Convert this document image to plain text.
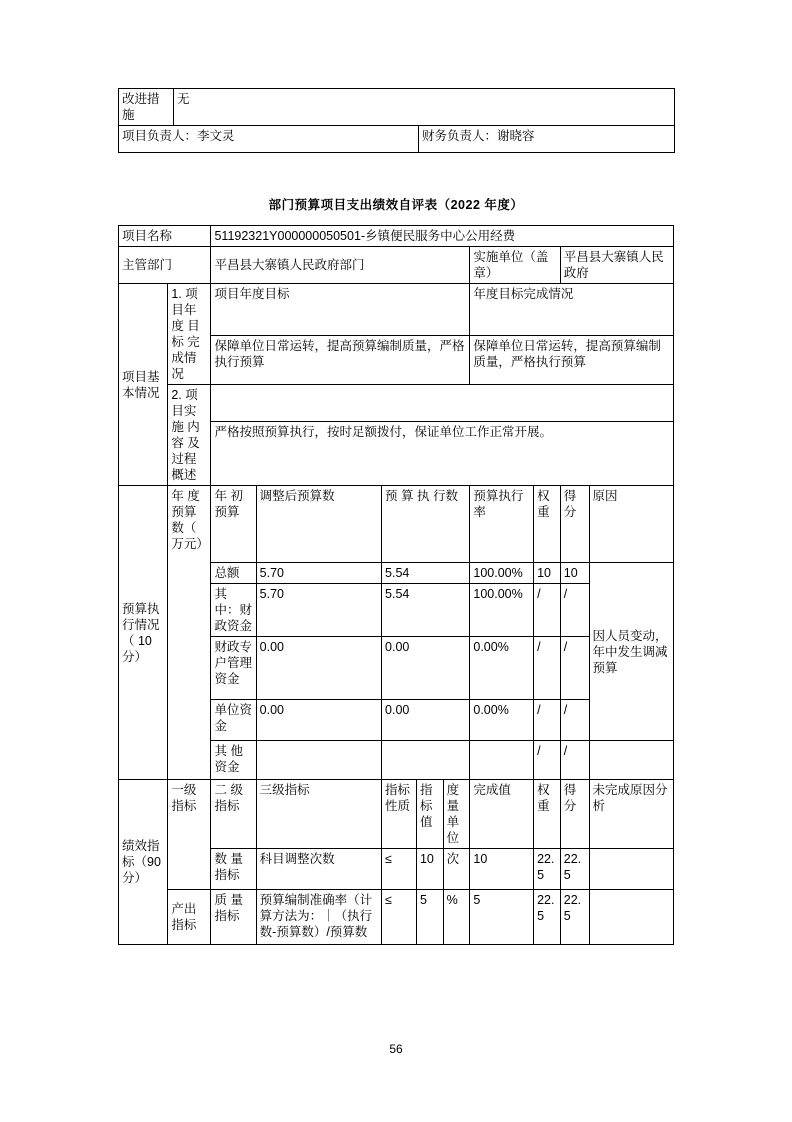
改进措施	无	
项目负责人：李文灵		财务负责人：谢晓容
部门预算项目支出绩效自评表（2022 年度）										
项目名称		51192321Y000000050501-乡镇便民服务中心公用经费								
主管部门		平昌县大寨镇人民政府部门					实施单位（盖章）		平昌县大寨镇人民政府	
项目基本情况	1. 项 目年 度 目标 完 成情况	项目年度目标					年度目标完成情况			
		保障单位日常运转，提高预算编制质量，严格执行预算					保障单位日常运转，提高预算编制质量，严格执行预算			
	2. 项 目实 施 内容 及 过程概述									
		严格按照预算执行，按时足额拨付，保证单位工作正常开展。								
预算执行情况（ 10 分）	年 度 预算 数（ 万元）	年 初 预算	调整后预算数	预 算 执 行数			预算执行率	权重	得分	原因
		总额	5.70	5.54			100.00%	10	10	因人员变动，年中发生调减预算
		其 中：财政资金	5.70	5.54			100.00%	/	/	
		财政专户管理资金	0.00	0.00			0.00%	/	/	
		单位资金	0.00	0.00			0.00%	/	/	
		其 他 资金						/	/	
绩效指标（90 分）	一级指标	二 级 指标	三级指标	指标性质	指标值	度量单位	完成值	权重	得分	未完成原因分析
		数 量 指标	科目调整次数	≤	10	次	10	22.5	22.5	
	产出指标	质 量 指标	预算编制准确率（计算方法为：｜（执行数-预算数）/预算数	≤	5	%	5	22.5	22.5	
56
